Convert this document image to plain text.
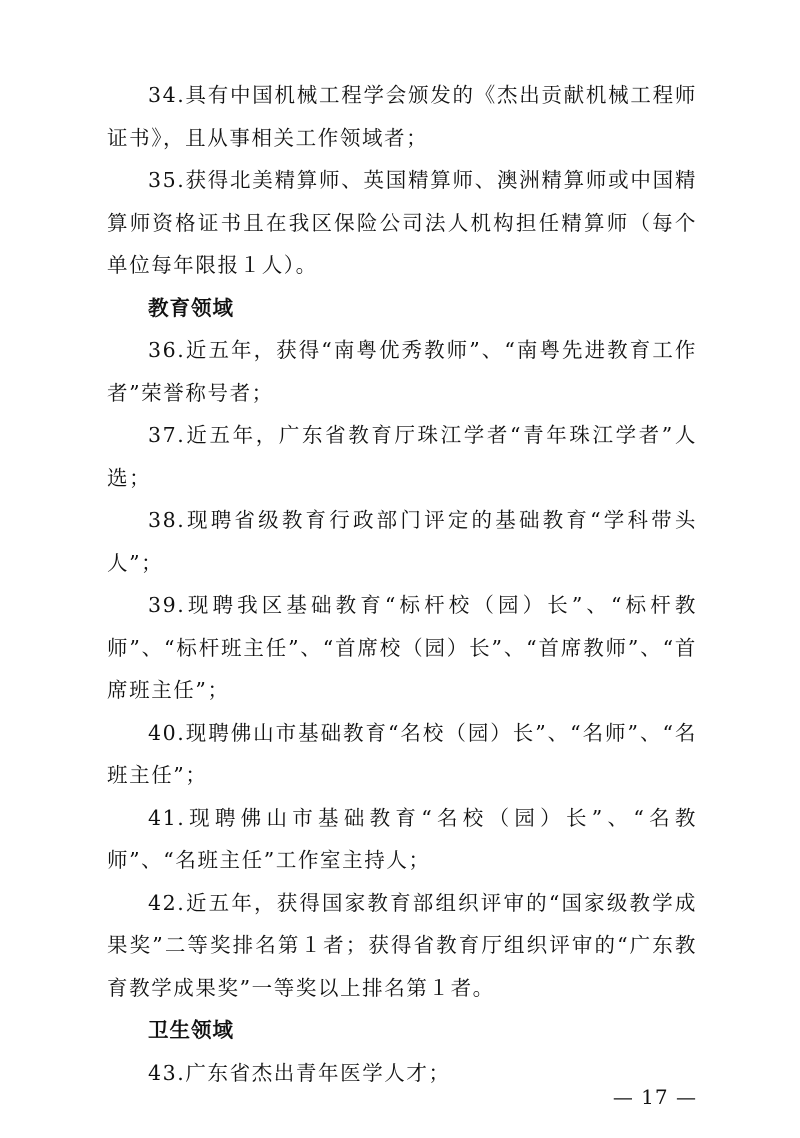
34.具有中国机械工程学会颁发的《杰出贡献机械工程师证书》，且从事相关工作领域者；

35.获得北美精算师、英国精算师、澳洲精算师或中国精算师资格证书且在我区保险公司法人机构担任精算师（每个单位每年限报１人）。

教育领域

36.近五年，获得“南粤优秀教师”、“南粤先进教育工作者”荣誉称号者；

37.近五年，广东省教育厅珠江学者“青年珠江学者”人选；

38.现聘省级教育行政部门评定的基础教育“学科带头人”；

39.现聘我区基础教育“标杆校（园）长”、“标杆教师”、“标杆班主任”、“首席校（园）长”、“首席教师”、“首席班主任”；

40.现聘佛山市基础教育“名校（园）长”、“名师”、“名班主任”；

41.现聘佛山市基础教育“名校（园）长”、“名教师”、“名班主任”工作室主持人；

42.近五年，获得国家教育部组织评审的“国家级教学成果奖”二等奖排名第１者；获得省教育厅组织评审的“广东教育教学成果奖”一等奖以上排名第１者。

卫生领域

43.广东省杰出青年医学人才；

— 17 —
